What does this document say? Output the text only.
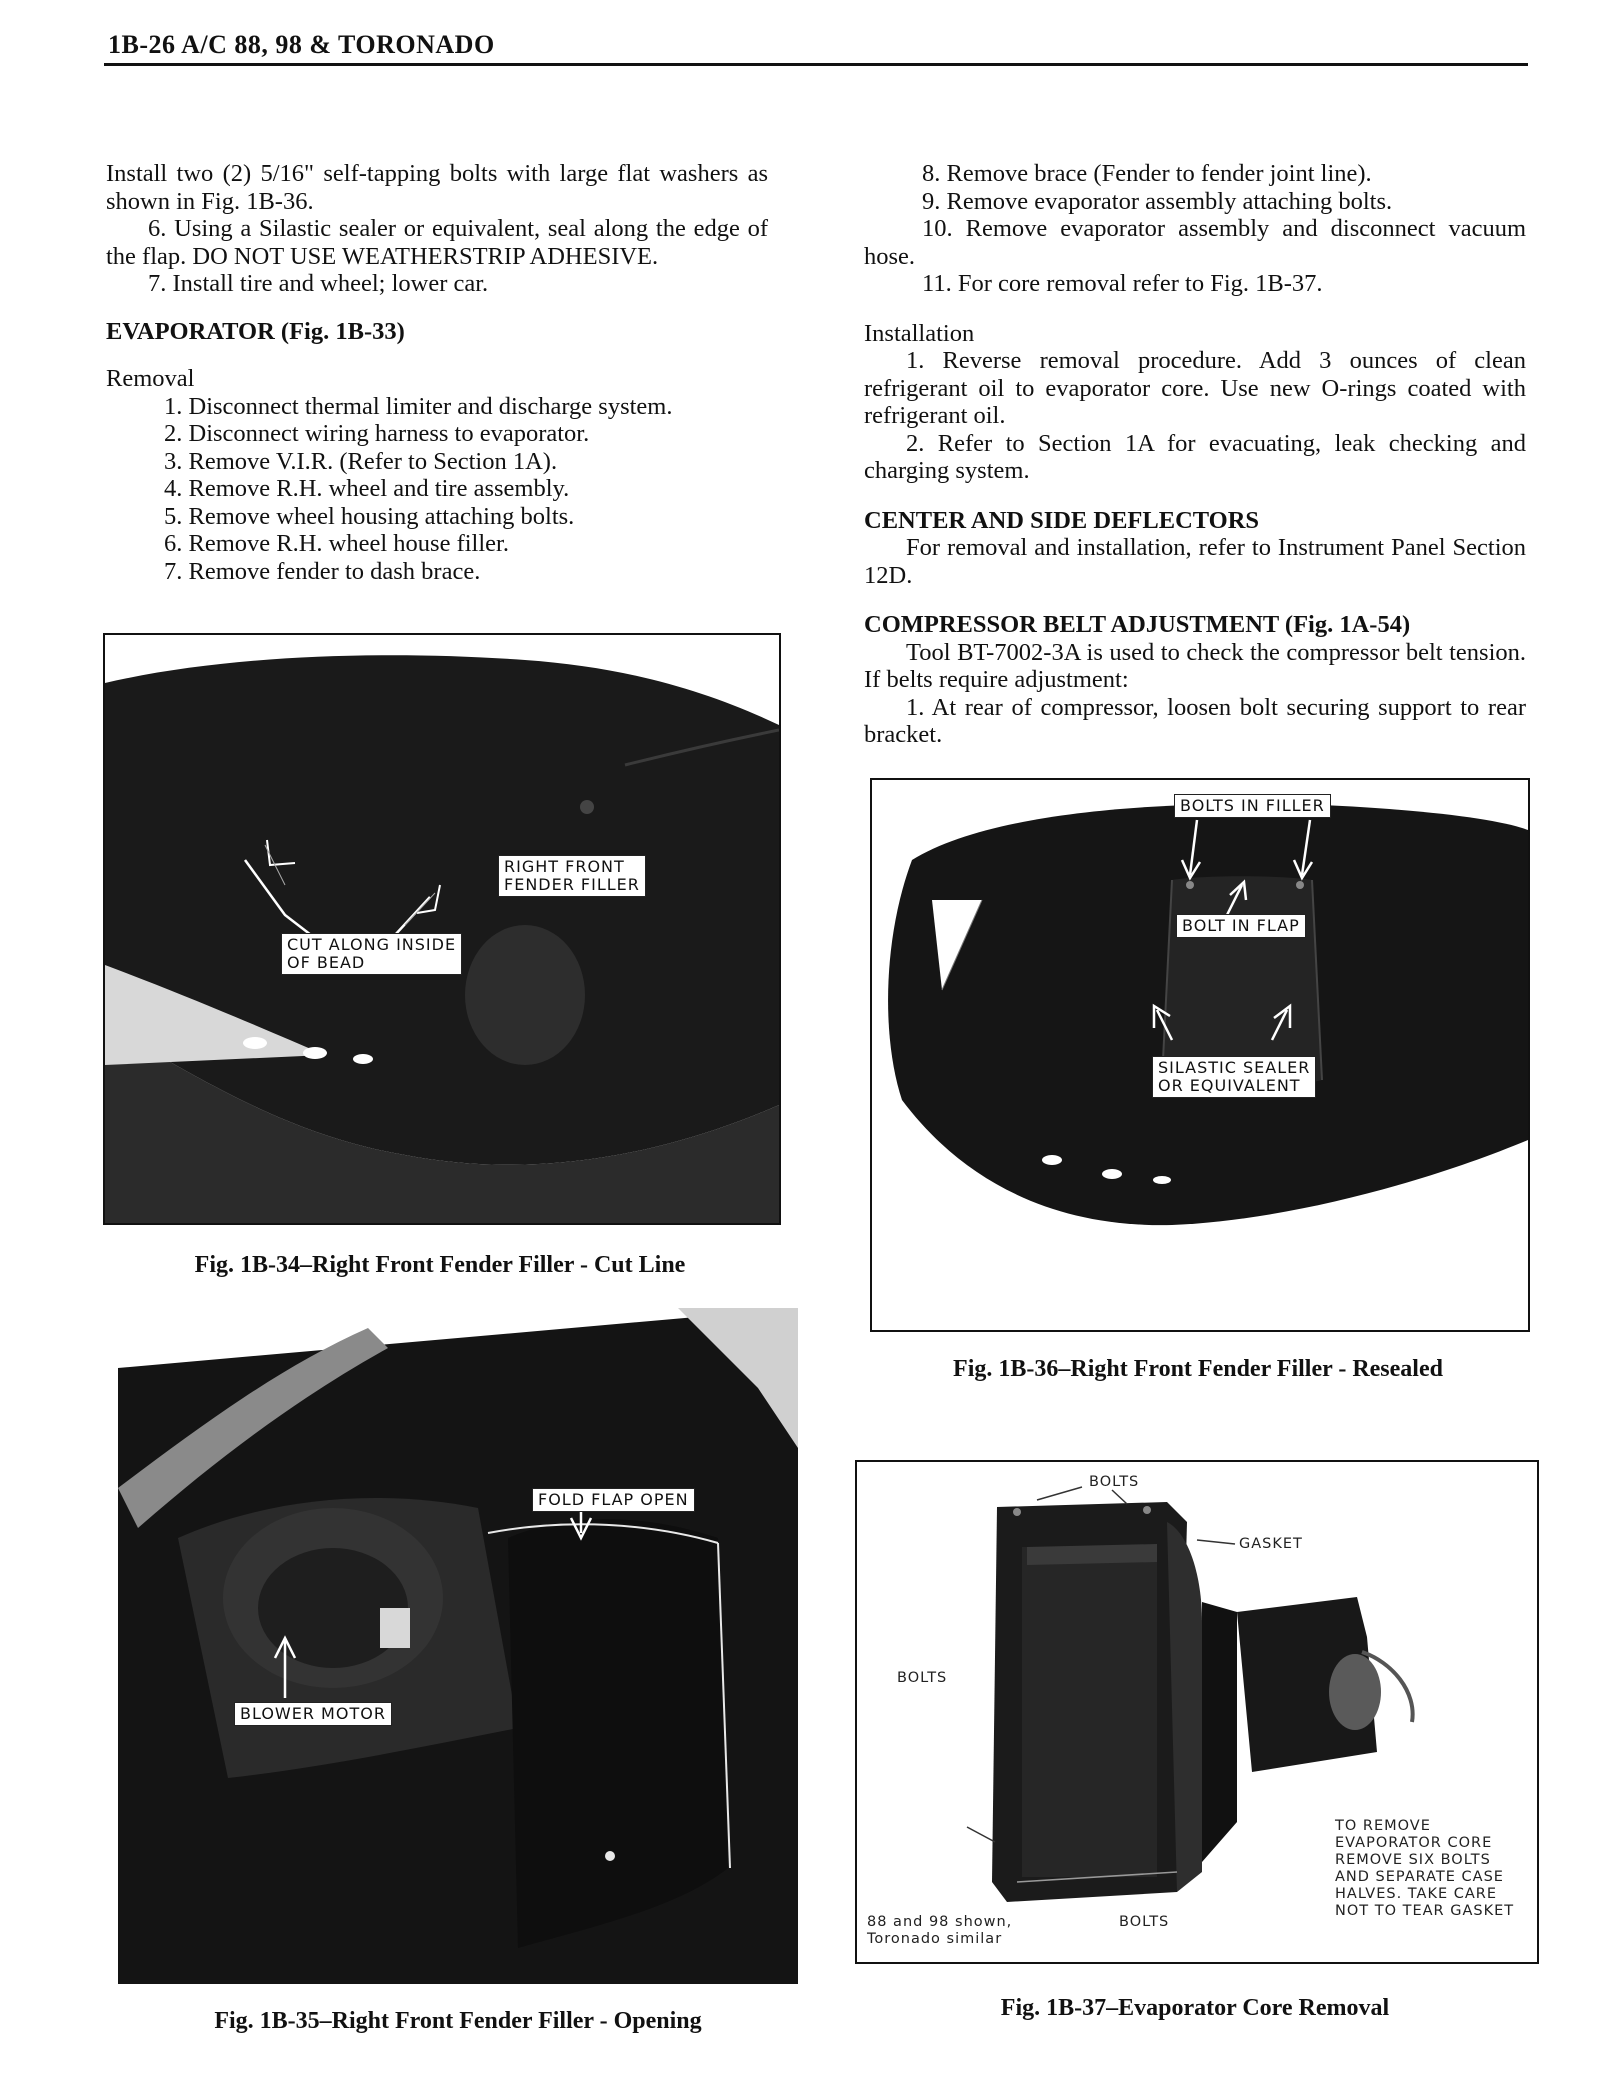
1B-26 A/C 88, 98 & TORONADO

Install two (2) 5/16" self-tapping bolts with large flat washers as shown in Fig. 1B-36.

6. Using a Silastic sealer or equivalent, seal along the edge of the flap. DO NOT USE WEATHERSTRIP ADHESIVE.

7. Install tire and wheel; lower car.

EVAPORATOR (Fig. 1B-33)

Removal

1. Disconnect thermal limiter and discharge system.
2. Disconnect wiring harness to evaporator.
3. Remove V.I.R. (Refer to Section 1A).
4. Remove R.H. wheel and tire assembly.
5. Remove wheel housing attaching bolts.
6. Remove R.H. wheel house filler.
7. Remove fender to dash brace.
8. Remove brace (Fender to fender joint line).
9. Remove evaporator assembly attaching bolts.
10. Remove evaporator assembly and disconnect vacuum hose.
11. For core removal refer to Fig. 1B-37.

Installation

1. Reverse removal procedure. Add 3 ounces of clean refrigerant oil to evaporator core. Use new O-rings coated with refrigerant oil.

2. Refer to Section 1A for evacuating, leak checking and charging system.

CENTER AND SIDE DEFLECTORS

For removal and installation, refer to Instrument Panel Section 12D.

COMPRESSOR BELT ADJUSTMENT (Fig. 1A-54)

Tool BT-7002-3A is used to check the compressor belt tension. If belts require adjustment:

1. At rear of compressor, loosen bolt securing support to rear bracket.

RIGHT FRONT
FENDER FILLER
CUT ALONG INSIDE
OF BEAD
Fig. 1B-34–Right Front Fender Filler - Cut Line
FOLD FLAP OPEN
BLOWER MOTOR
Fig. 1B-35–Right Front Fender Filler - Opening
BOLTS IN FILLER
BOLT IN FLAP
SILASTIC SEALER
OR EQUIVALENT
Fig. 1B-36–Right Front Fender Filler - Resealed
BOLTS
GASKET
BOLTS
BOLTS
88 and 98 shown,
Toronado similar
TO REMOVE
EVAPORATOR CORE
REMOVE SIX BOLTS
AND SEPARATE CASE
HALVES. TAKE CARE
NOT TO TEAR GASKET
Fig. 1B-37–Evaporator Core Removal
